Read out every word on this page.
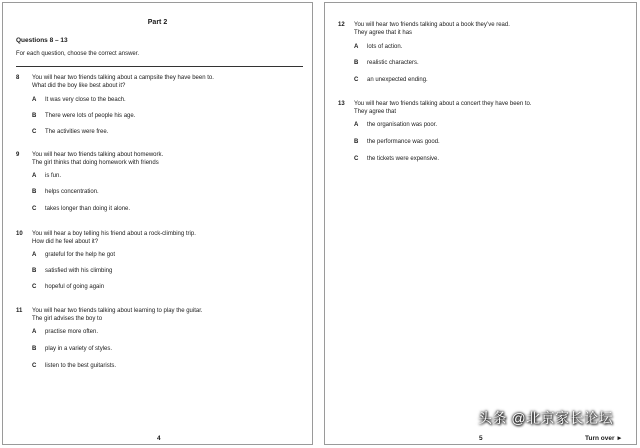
Part 2
Questions 8 – 13
For each question, choose the correct answer.
8 You will hear two friends talking about a campsite they have been to.
What did the boy like best about it?
A It was very close to the beach.
B There were lots of people his age.
C The activities were free.
9 You will hear two friends talking about homework.
The girl thinks that doing homework with friends
A is fun.
B helps concentration.
C takes longer than doing it alone.
10 You will hear a boy telling his friend about a rock-climbing trip.
How did he feel about it?
A grateful for the help he got
B satisfied with his climbing
C hopeful of going again
11 You will hear two friends talking about learning to play the guitar.
The girl advises the boy to
A practise more often.
B play in a variety of styles.
C listen to the best guitarists.
4
12 You will hear two friends talking about a book they’ve read.
They agree that it has
A lots of action.
B realistic characters.
C an unexpected ending.
13 You will hear two friends talking about a concert they have been to.
They agree that
A the organisation was poor.
B the performance was good.
C the tickets were expensive.
5	Turn over ►
头条 @北京家长论坛
